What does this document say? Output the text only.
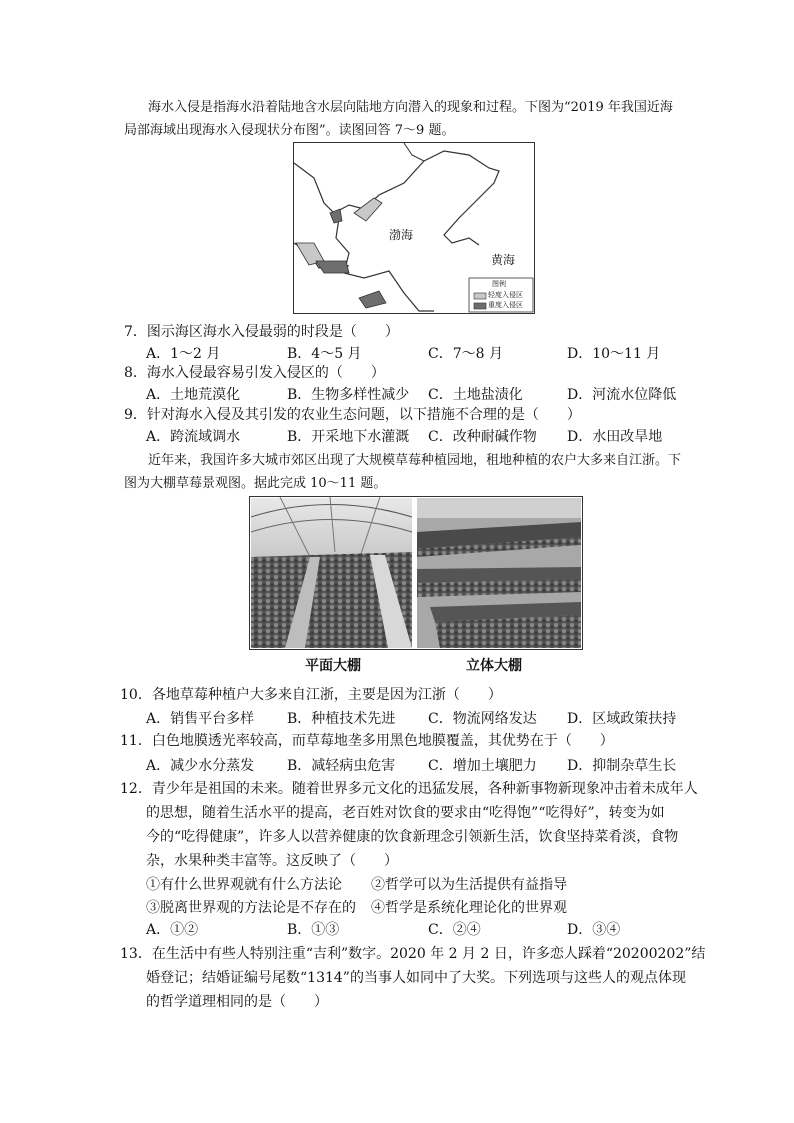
海水入侵是指海水沿着陆地含水层向陆地方向潜入的现象和过程。下图为“2019 年我国近海
局部海域出现海水入侵现状分布图”。读图回答 7～9 题。
渤海
黄海
图例
轻度入侵区
重度入侵区
7．图示海区海水入侵最弱的时段是（　　）
A．1～2 月	B．4～5 月	C．7～8 月	D．10～11 月
8．海水入侵最容易引发入侵区的（　　）
A．土地荒漠化	B．生物多样性减少 C．土地盐渍化	D．河流水位降低
9．针对海水入侵及其引发的农业生态问题，以下措施不合理的是（　　）
A．跨流域调水	B．开采地下水灌溉 C．改种耐碱作物 D．水田改旱地
近年来，我国许多大城市郊区出现了大规模草莓种植园地，租地种植的农户大多来自江浙。下
图为大棚草莓景观图。据此完成 10～11 题。
平面大棚	立体大棚
10．各地草莓种植户大多来自江浙，主要是因为江浙（　　）
A．销售平台多样 B．种植技术先进 C．物流网络发达 D．区域政策扶持
11．白色地膜透光率较高，而草莓地垄多用黑色地膜覆盖，其优势在于（　　）
A．减少水分蒸发 B．减轻病虫危害 C．增加土壤肥力 D．抑制杂草生长
12．青少年是祖国的未来。随着世界多元文化的迅猛发展，各种新事物新现象冲击着未成年人
的思想，随着生活水平的提高，老百姓对饮食的要求由“吃得饱”“吃得好”，转变为如
今的“吃得健康”，许多人以营养健康的饮食新理念引领新生活，饮食坚持菜肴淡，食物
杂，水果种类丰富等。这反映了（　　）
①有什么世界观就有什么方法论 ②哲学可以为生活提供有益指导
③脱离世界观的方法论是不存在的 ④哲学是系统化理论化的世界观
A．①②	B．①③	C．②④	D．③④
13．在生活中有些人特别注重“吉利”数字。2020 年 2 月 2 日，许多恋人踩着“20200202”结
婚登记；结婚证编号尾数“1314”的当事人如同中了大奖。下列选项与这些人的观点体现
的哲学道理相同的是（　　）
